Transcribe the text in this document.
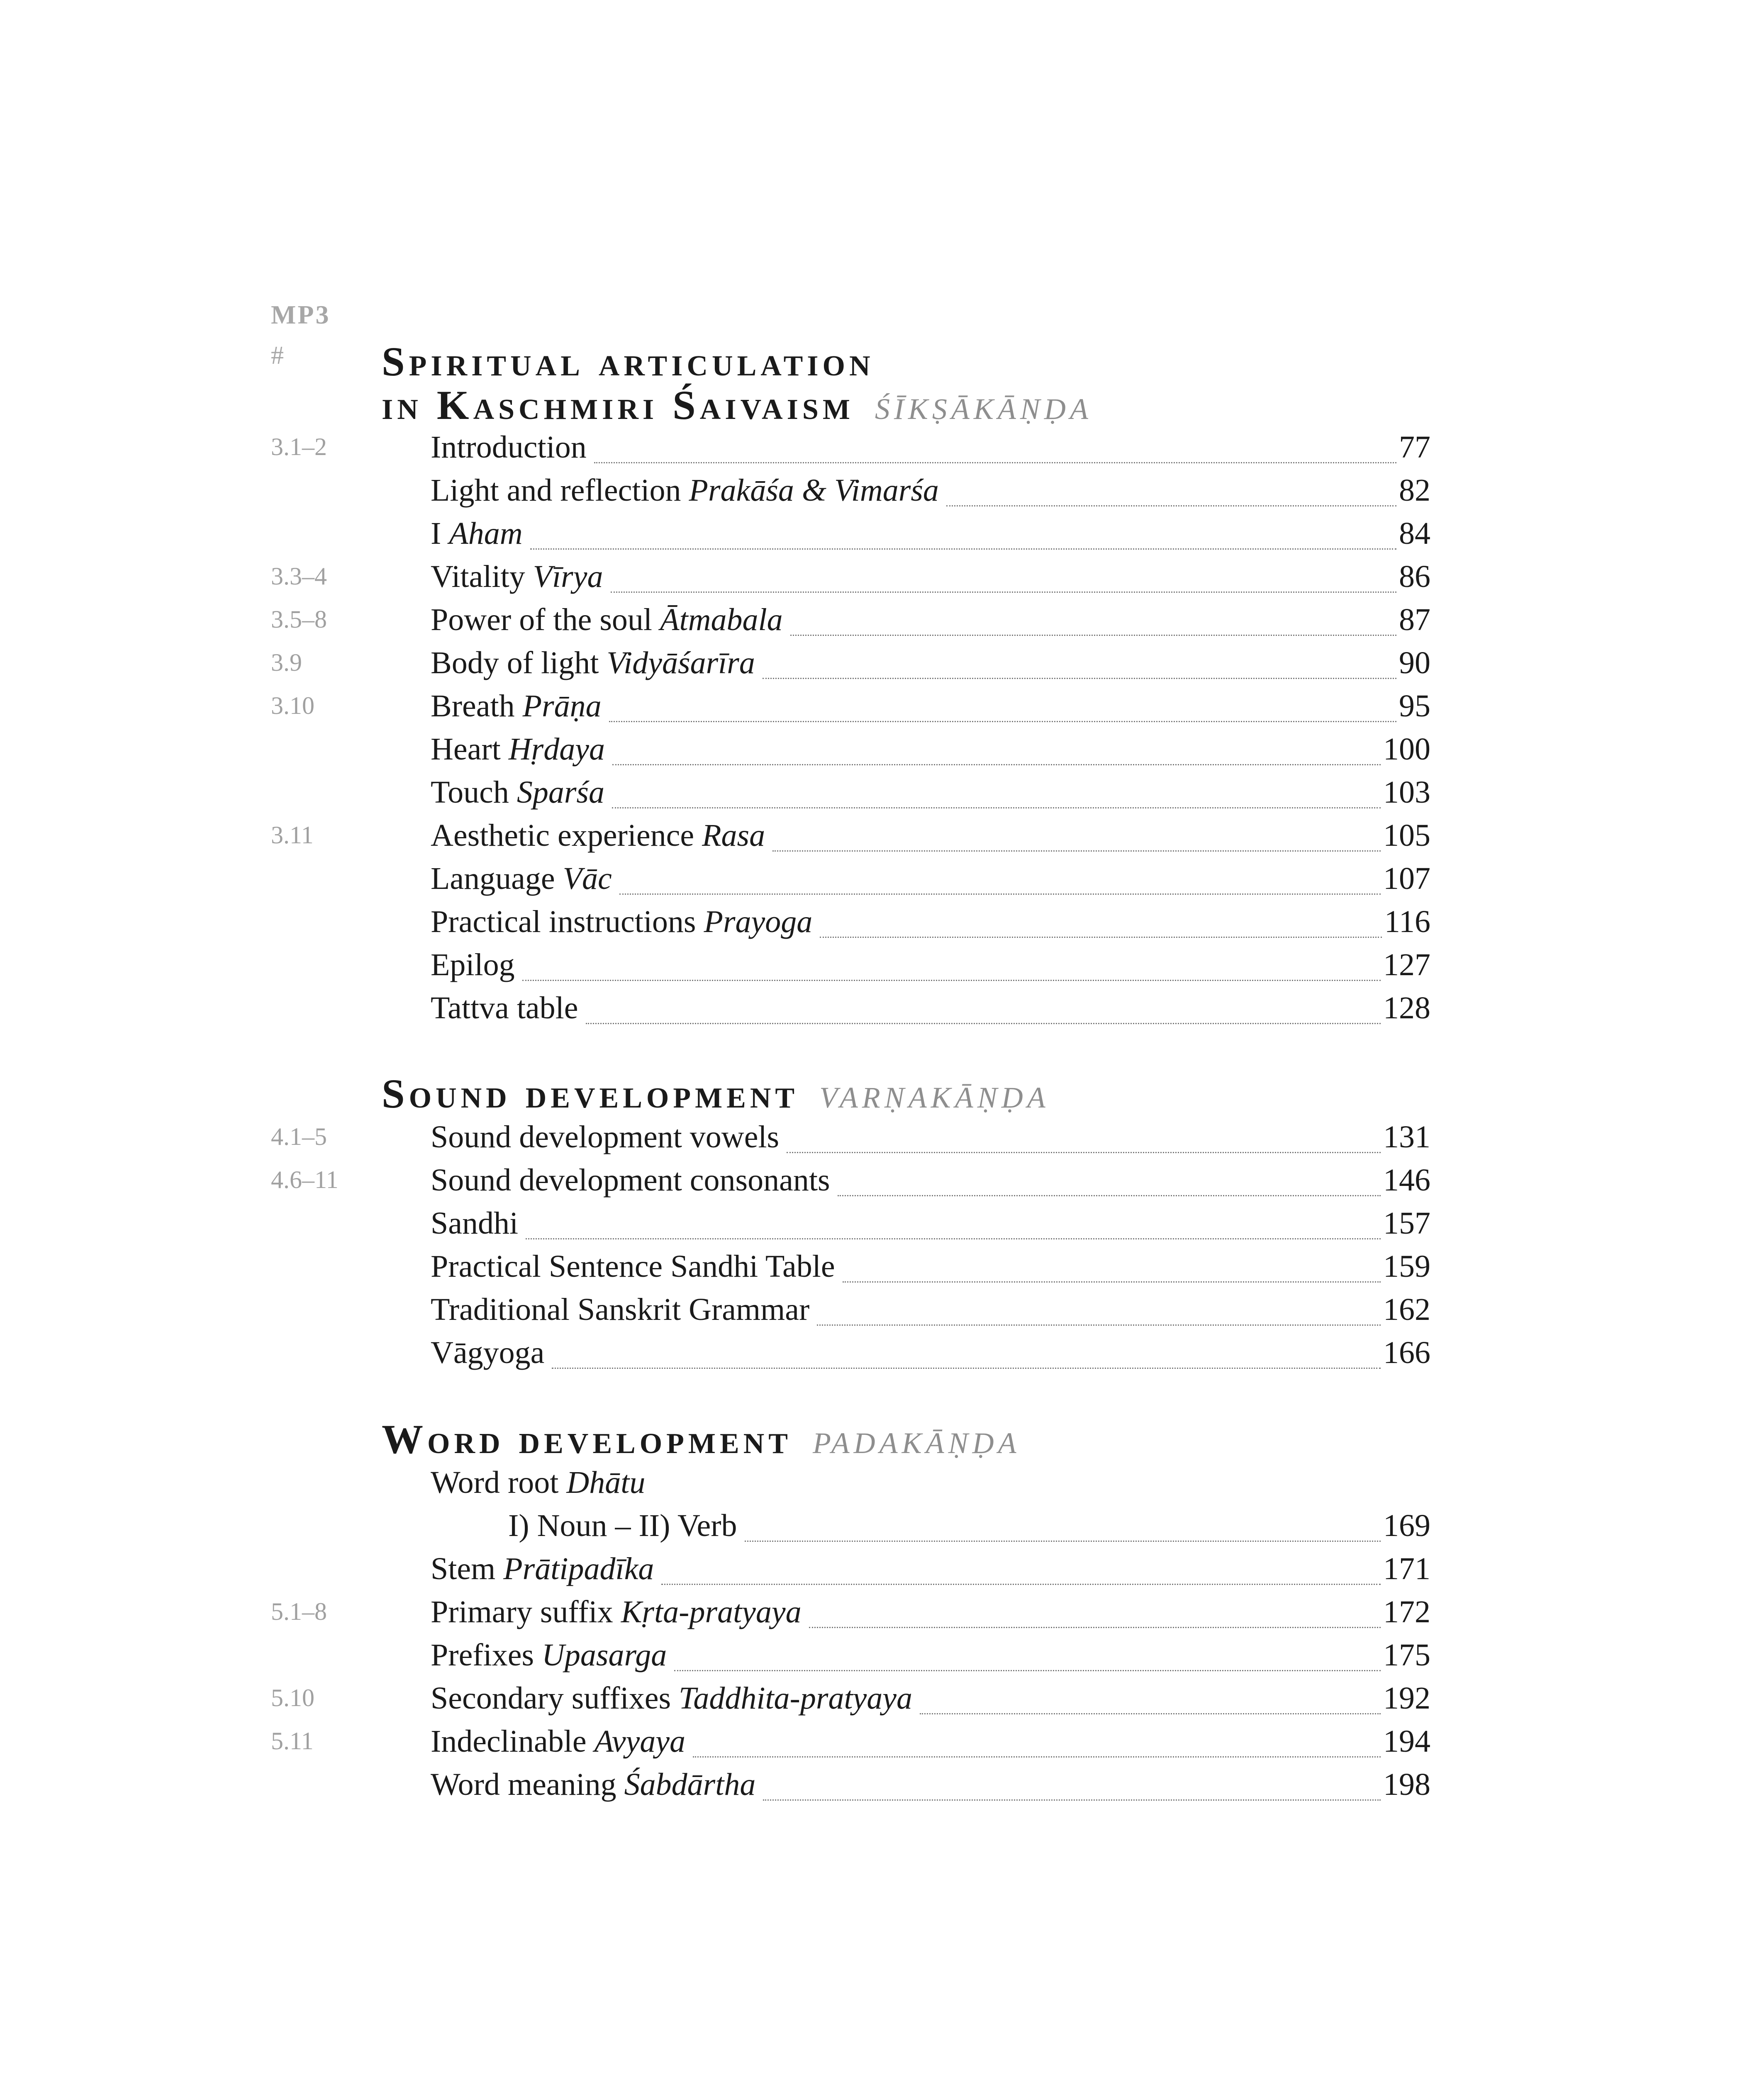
MP3
# Spiritual articulation
in Kaschmiri Śaivaism ŚĪKṢĀKĀṆḌA
3.1–2	Introduction	77
Light and reflection Prakāśa & Vimarśa	82
I Aham	84
3.3–4	Vitality Vīrya	86
3.5–8	Power of the soul Ātmabala	87
3.9	Body of light Vidyāśarīra	90
3.10	Breath Prāṇa	95
Heart Hṛdaya	100
Touch Sparśa	103
3.11	Aesthetic experience Rasa	105
Language Vāc	107
Practical instructions Prayoga	116
Epilog	127
Tattva table	128
Sound development VARṆAKĀṆḌA
4.1–5	Sound development vowels	131
4.6–11	Sound development consonants	146
Sandhi	157
Practical Sentence Sandhi Table	159
Traditional Sanskrit Grammar	162
Vāgyoga	166
Word development PADAKĀṆḌA
Word root Dhātu
I) Noun – II) Verb	169
Stem Prātipadīka	171
5.1–8	Primary suffix Kṛta-pratyaya	172
Prefixes Upasarga	175
5.10	Secondary suffixes Taddhita-pratyaya	192
5.11	Indeclinable Avyaya	194
Word meaning Śabdārtha	198
